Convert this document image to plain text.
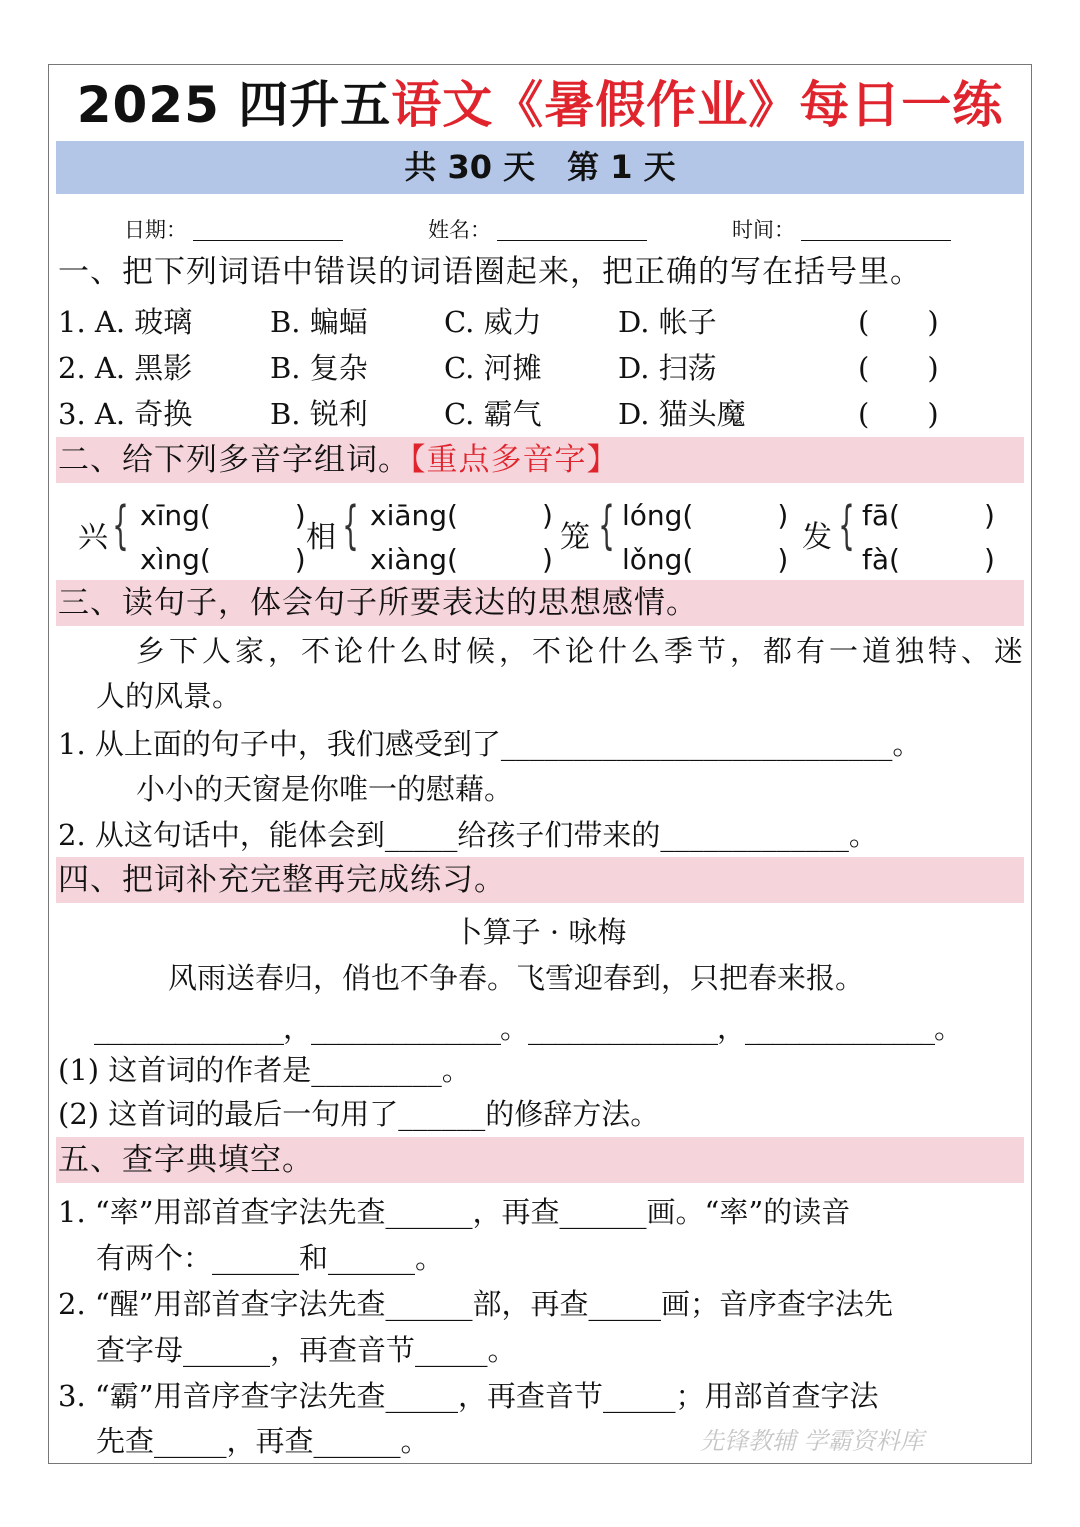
2025 四升五语文《暑假作业》每日一练
共 30 天　第 1 天
日期：	姓名：	时间：
一、把下列词语中错误的词语圈起来，把正确的写在括号里。
1. A. 玻璃	B. 蝙蝠	C. 威力	D. 帐子	(　　)
2. A. 黑影	B. 复杂	C. 河摊	D. 扫荡	(　　)
3. A. 奇换	B. 锐利	C. 霸气	D. 猫头魔	(　　)
二、给下列多音字组词。【重点多音字】
兴 { xīng(　　　)
xìng(　　　)
相 { xiāng(　　　)
xiàng(　　　)
笼 { lóng(　　　)
lǒng(　　　)
发 { fā(　　　)
fà(　　　)
三、读句子，体会句子所要表达的思想感情。
乡下人家，不论什么时候，不论什么季节，都有一道独特、迷
人的风景。
1. 从上面的句子中，我们感受到了___________________________。
小小的天窗是你唯一的慰藉。
2. 从这句话中，能体会到_____给孩子们带来的_____________。
四、把词补充完整再完成练习。
卜算子 · 咏梅
风雨送春归，俏也不争春。飞雪迎春到，只把春来报。
______________，______________。______________，______________。
(1) 这首词的作者是_________。
(2) 这首词的最后一句用了______的修辞方法。
五、查字典填空。
1. “率”用部首查字法先查______，再查______画。“率”的读音
有两个：______和______。
2. “醒”用部首查字法先查______部，再查_____画；音序查字法先
查字母______，再查音节_____。
3. “霸”用音序查字法先查_____，再查音节_____；用部首查字法
先查_____，再查______。	先锋教辅 学霸资料库
